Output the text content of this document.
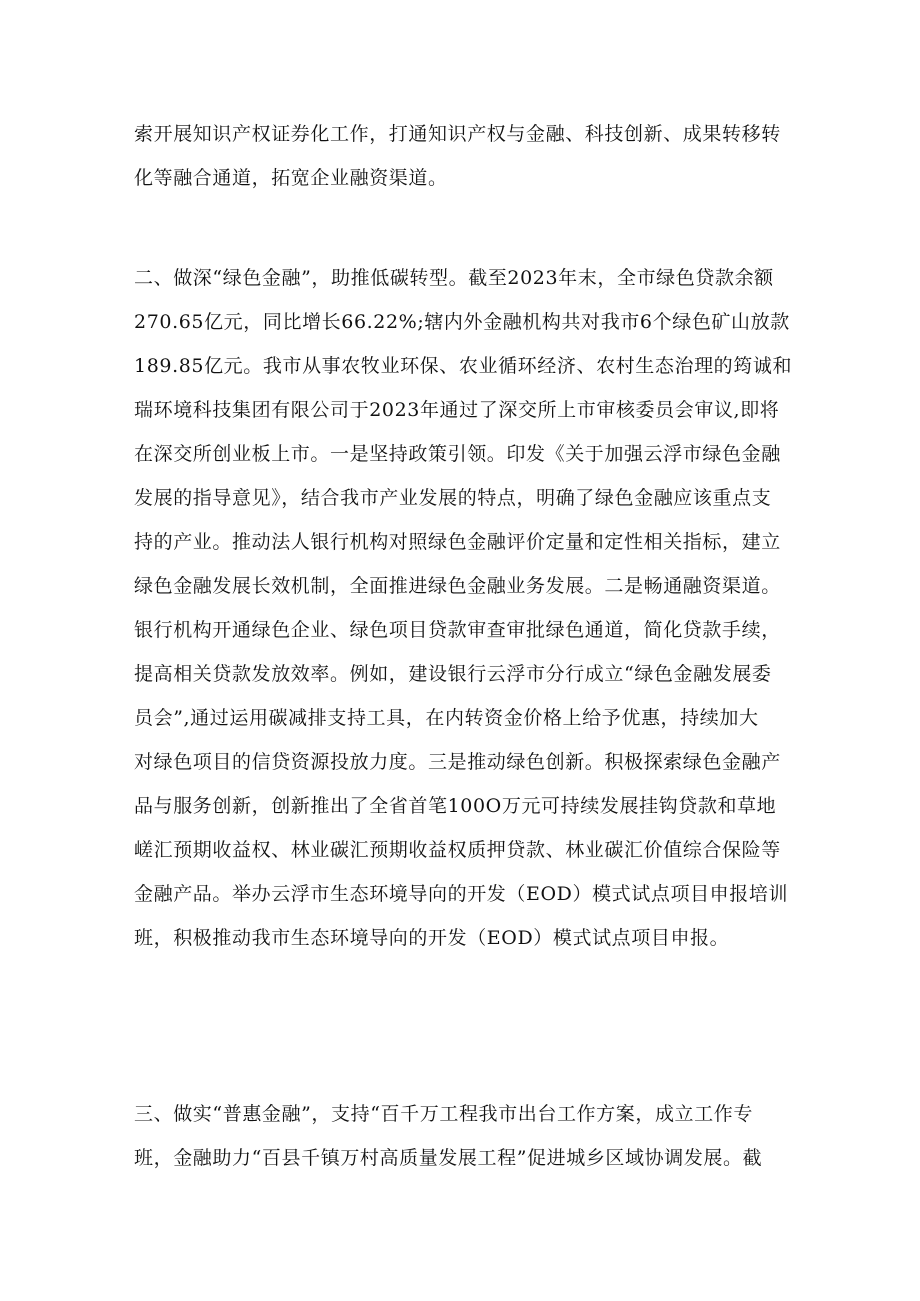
索开展知识产权证券化工作，打通知识产权与金融、科技创新、成果转移转
化等融合通道，拓宽企业融资渠道。
二、做深“绿色金融”，助推低碳转型。截至2023年末，全市绿色贷款余额
270.65亿元，同比增长66.22%;辖内外金融机构共对我市6个绿色矿山放款
189.85亿元。我市从事农牧业环保、农业循环经济、农村生态治理的筠诚和
瑞环境科技集团有限公司于2023年通过了深交所上市审核委员会审议,即将
在深交所创业板上市。一是坚持政策引领。印发《关于加强云浮市绿色金融
发展的指导意见》，结合我市产业发展的特点，明确了绿色金融应该重点支
持的产业。推动法人银行机构对照绿色金融评价定量和定性相关指标，建立
绿色金融发展长效机制，全面推进绿色金融业务发展。二是畅通融资渠道。
银行机构开通绿色企业、绿色项目贷款审查审批绿色通道，简化贷款手续，
提高相关贷款发放效率。例如，建设银行云浮市分行成立“绿色金融发展委
员会”,通过运用碳减排支持工具，在内转资金价格上给予优惠，持续加大
对绿色项目的信贷资源投放力度。三是推动绿色创新。积极探索绿色金融产
品与服务创新，创新推出了全省首笔100O万元可持续发展挂钩贷款和草地
嵯汇预期收益权、林业碳汇预期收益权质押贷款、林业碳汇价值综合保险等
金融产品。举办云浮市生态环境导向的开发（EOD）模式试点项目申报培训
班，积极推动我市生态环境导向的开发（EOD）模式试点项目申报。
三、做实“普惠金融”，支持“百千万工程我市出台工作方案，成立工作专
班，金融助力“百县千镇万村高质量发展工程”促进城乡区域协调发展。截
